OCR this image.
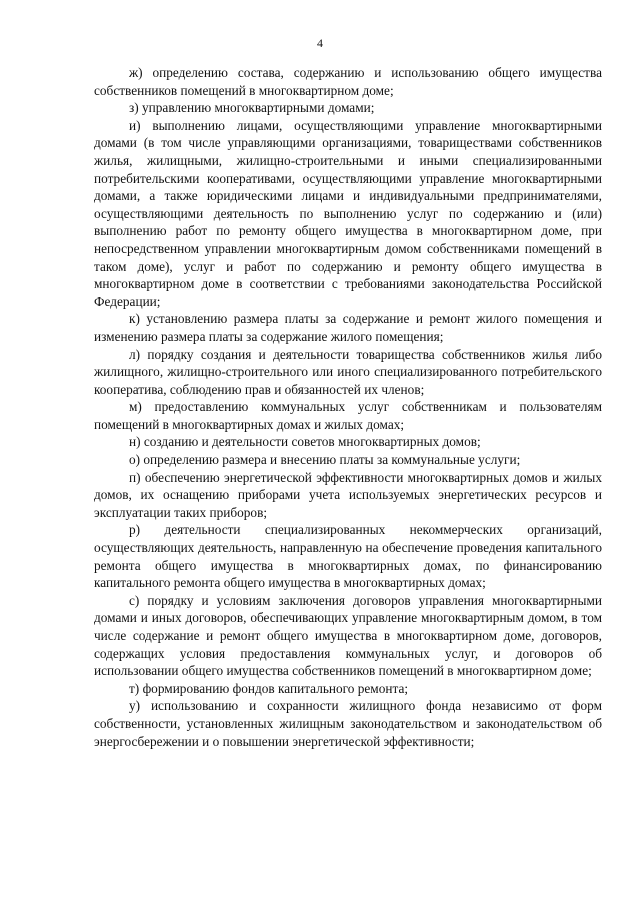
4

ж) определению состава, содержанию и использованию общего имущества собственников помещений в многоквартирном доме;

з) управлению многоквартирными домами;

и) выполнению лицами, осуществляющими управление многоквартирными домами (в том числе управляющими организациями, товариществами собственников жилья, жилищными, жилищно-строительными и иными специализированными потребительскими кооперативами, осуществляющими управление многоквартирными домами, а также юридическими лицами и индивидуальными предпринимателями, осуществляющими деятельность по выполнению услуг по содержанию и (или) выполнению работ по ремонту общего имущества в многоквартирном доме, при непосредственном управлении многоквартирным домом собственниками помещений в таком доме), услуг и работ по содержанию и ремонту общего имущества в многоквартирном доме в соответствии с требованиями законодательства Российской Федерации;

к) установлению размера платы за содержание и ремонт жилого помещения и изменению размера платы за содержание жилого помещения;

л) порядку создания и деятельности товарищества собственников жилья либо жилищного, жилищно-строительного или иного специализированного потребительского кооператива, соблюдению прав и обязанностей их членов;

м) предоставлению коммунальных услуг собственникам и пользователям помещений в многоквартирных домах и жилых домах;

н) созданию и деятельности советов многоквартирных домов;

о) определению размера и внесению платы за коммунальные услуги;

п) обеспечению энергетической эффективности многоквартирных домов и жилых домов, их оснащению приборами учета используемых энергетических ресурсов и эксплуатации таких приборов;

р) деятельности специализированных некоммерческих организаций, осуществляющих деятельность, направленную на обеспечение проведения капитального ремонта общего имущества в многоквартирных домах, по финансированию капитального ремонта общего имущества в многоквартирных домах;

с) порядку и условиям заключения договоров управления многоквартирными домами и иных договоров, обеспечивающих управление многоквартирным домом, в том числе содержание и ремонт общего имущества в многоквартирном доме, договоров, содержащих условия предоставления коммунальных услуг, и договоров об использовании общего имущества собственников помещений в многоквартирном доме;

т) формированию фондов капитального ремонта;

у) использованию и сохранности жилищного фонда независимо от форм собственности, установленных жилищным законодательством и законодательством об энергосбережении и о повышении энергетической эффективности;
